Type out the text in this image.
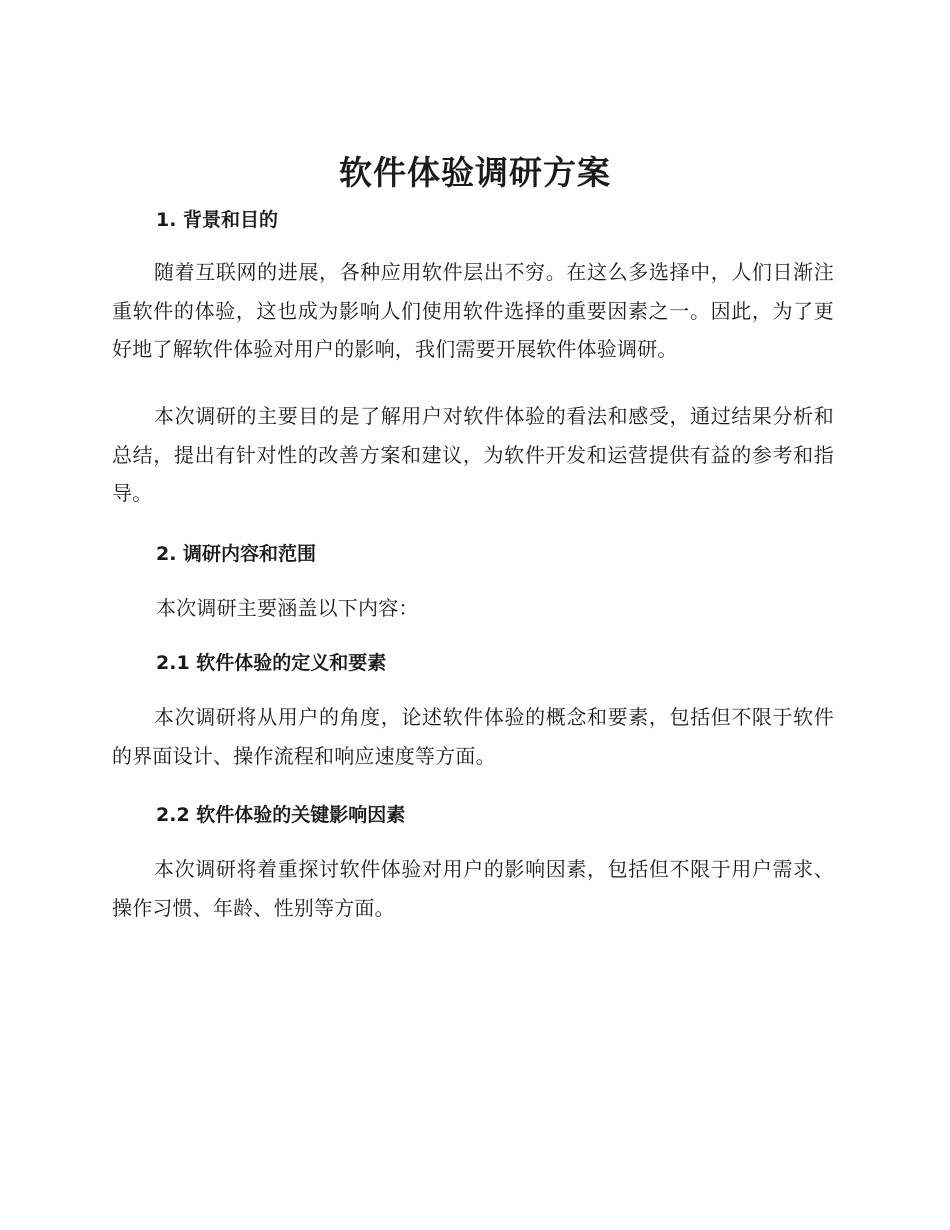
软件体验调研方案
1. 背景和目的

随着互联网的进展，各种应用软件层出不穷。在这么多选择中，人们日渐注重软件的体验，这也成为影响人们使用软件选择的重要因素之一。因此，为了更好地了解软件体验对用户的影响，我们需要开展软件体验调研。

本次调研的主要目的是了解用户对软件体验的看法和感受，通过结果分析和总结，提出有针对性的改善方案和建议，为软件开发和运营提供有益的参考和指导。

2. 调研内容和范围

本次调研主要涵盖以下内容：

2.1 软件体验的定义和要素

本次调研将从用户的角度，论述软件体验的概念和要素，包括但不限于软件的界面设计、操作流程和响应速度等方面。

2.2 软件体验的关键影响因素

本次调研将着重探讨软件体验对用户的影响因素，包括但不限于用户需求、操作习惯、年龄、性别等方面。
